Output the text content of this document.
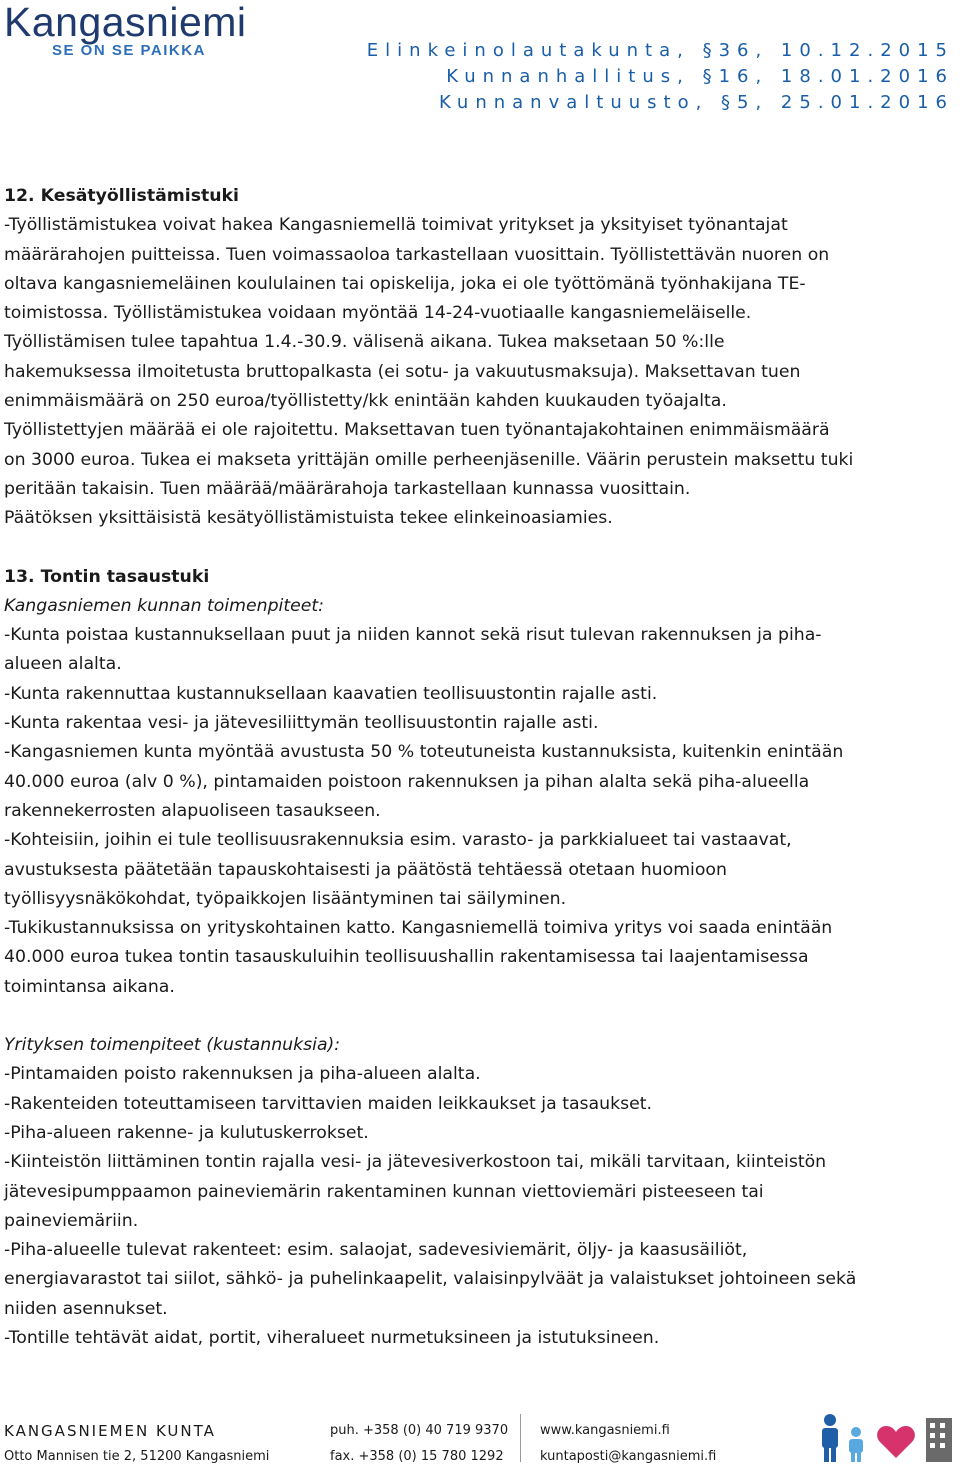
Kangasniemi
SE ON SE PAIKKA	Elinkeinolautakunta, §36, 10.12.2015
Kunnanhallitus, §16, 18.01.2016
Kunnanvaltuusto, §5, 25.01.2016

12. Kesätyöllistämistuki

-Työllistämistukea voivat hakea Kangasniemellä toimivat yritykset ja yksityiset työnantajat

määrärahojen puitteissa. Tuen voimassaoloa tarkastellaan vuosittain. Työllistettävän nuoren on

oltava kangasniemeläinen koululainen tai opiskelija, joka ei ole työttömänä työnhakijana TE-

toimistossa. Työllistämistukea voidaan myöntää 14-24-vuotiaalle kangasniemeläiselle.

Työllistämisen tulee tapahtua 1.4.-30.9. välisenä aikana. Tukea maksetaan 50 %:lle

hakemuksessa ilmoitetusta bruttopalkasta (ei sotu- ja vakuutusmaksuja). Maksettavan tuen

enimmäismäärä on 250 euroa/työllistetty/kk enintään kahden kuukauden työajalta.

Työllistettyjen määrää ei ole rajoitettu. Maksettavan tuen työnantajakohtainen enimmäismäärä

on 3000 euroa. Tukea ei makseta yrittäjän omille perheenjäsenille. Väärin perustein maksettu tuki

peritään takaisin. Tuen määrää/määrärahoja tarkastellaan kunnassa vuosittain.

Päätöksen yksittäisistä kesätyöllistämistuista tekee elinkeinoasiamies.

13. Tontin tasaustuki

Kangasniemen kunnan toimenpiteet:

-Kunta poistaa kustannuksellaan puut ja niiden kannot sekä risut tulevan rakennuksen ja piha-

alueen alalta.

-Kunta rakennuttaa kustannuksellaan kaavatien teollisuustontin rajalle asti.

-Kunta rakentaa vesi- ja jätevesiliittymän teollisuustontin rajalle asti.

-Kangasniemen kunta myöntää avustusta 50 % toteutuneista kustannuksista, kuitenkin enintään

40.000 euroa (alv 0 %), pintamaiden poistoon rakennuksen ja pihan alalta sekä piha-alueella

rakennekerrosten alapuoliseen tasaukseen.

-Kohteisiin, joihin ei tule teollisuusrakennuksia esim. varasto- ja parkkialueet tai vastaavat,

avustuksesta päätetään tapauskohtaisesti ja päätöstä tehtäessä otetaan huomioon

työllisyysnäkökohdat, työpaikkojen lisääntyminen tai säilyminen.

-Tukikustannuksissa on yrityskohtainen katto. Kangasniemellä toimiva yritys voi saada enintään

40.000 euroa tukea tontin tasauskuluihin teollisuushallin rakentamisessa tai laajentamisessa

toimintansa aikana.

Yrityksen toimenpiteet (kustannuksia):

-Pintamaiden poisto rakennuksen ja piha-alueen alalta.

-Rakenteiden toteuttamiseen tarvittavien maiden leikkaukset ja tasaukset.

-Piha-alueen rakenne- ja kulutuskerrokset.

-Kiinteistön liittäminen tontin rajalla vesi- ja jätevesiverkostoon tai, mikäli tarvitaan, kiinteistön

jätevesipumppaamon paineviemärin rakentaminen kunnan viettoviemäri pisteeseen tai

paineviemäriin.

-Piha-alueelle tulevat rakenteet: esim. salaojat, sadevesiviemärit, öljy- ja kaasusäiliöt,

energiavarastot tai siilot, sähkö- ja puhelinkaapelit, valaisinpylväät ja valaistukset johtoineen sekä

niiden asennukset.

-Tontille tehtävät aidat, portit, viheralueet nurmetuksineen ja istutuksineen.

KANGASNIEMEN KUNTA
Otto Mannisen tie 2, 51200 Kangasniemi
puh. +358 (0) 40 719 9370
fax. +358 (0) 15 780 1292
www.kangasniemi.fi
kuntaposti@kangasniemi.fi
